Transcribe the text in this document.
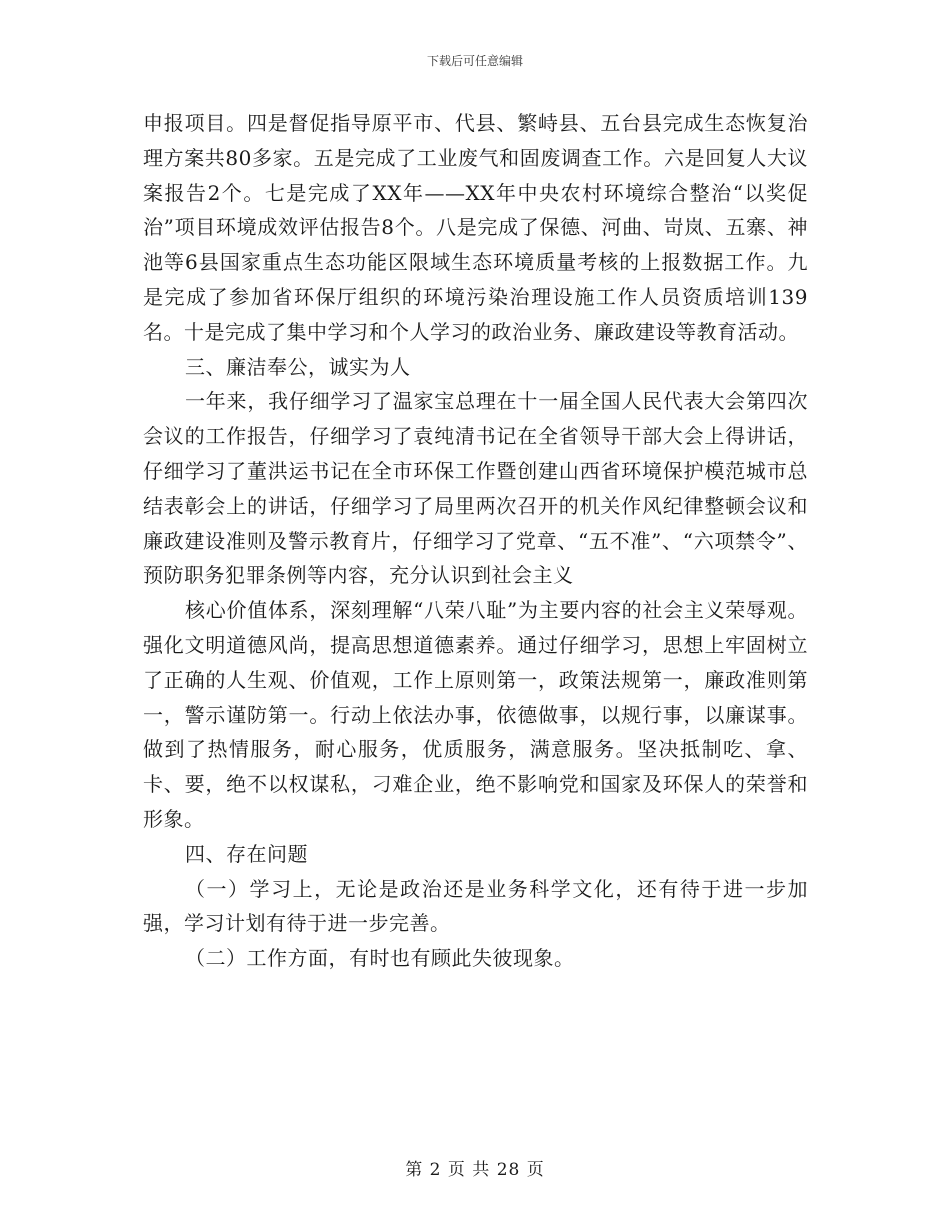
下载后可任意编辑

申报项目。四是督促指导原平市、代县、繁峙县、五台县完成生态恢复治理方案共80多家。五是完成了工业废气和固废调查工作。六是回复人大议案报告2个。七是完成了XX年——XX年中央农村环境综合整治“以奖促治”项目环境成效评估报告8个。八是完成了保德、河曲、岢岚、五寨、神池等6县国家重点生态功能区限域生态环境质量考核的上报数据工作。九是完成了参加省环保厅组织的环境污染治理设施工作人员资质培训139名。十是完成了集中学习和个人学习的政治业务、廉政建设等教育活动。

三、廉洁奉公，诚实为人

一年来，我仔细学习了温家宝总理在十一届全国人民代表大会第四次会议的工作报告，仔细学习了袁纯清书记在全省领导干部大会上得讲话，仔细学习了董洪运书记在全市环保工作暨创建山西省环境保护模范城市总结表彰会上的讲话，仔细学习了局里两次召开的机关作风纪律整顿会议和廉政建设准则及警示教育片，仔细学习了党章、“五不准”、“六项禁令”、预防职务犯罪条例等内容，充分认识到社会主义

核心价值体系，深刻理解“八荣八耻”为主要内容的社会主义荣辱观。强化文明道德风尚，提高思想道德素养。通过仔细学习，思想上牢固树立了正确的人生观、价值观，工作上原则第一，政策法规第一，廉政准则第一，警示谨防第一。行动上依法办事，依德做事，以规行事，以廉谋事。做到了热情服务，耐心服务，优质服务，满意服务。坚决抵制吃、拿、卡、要，绝不以权谋私，刁难企业，绝不影响党和国家及环保人的荣誉和形象。

四、存在问题

（一）学习上，无论是政治还是业务科学文化，还有待于进一步加强，学习计划有待于进一步完善。

（二）工作方面，有时也有顾此失彼现象。

第 2 页 共 28 页
